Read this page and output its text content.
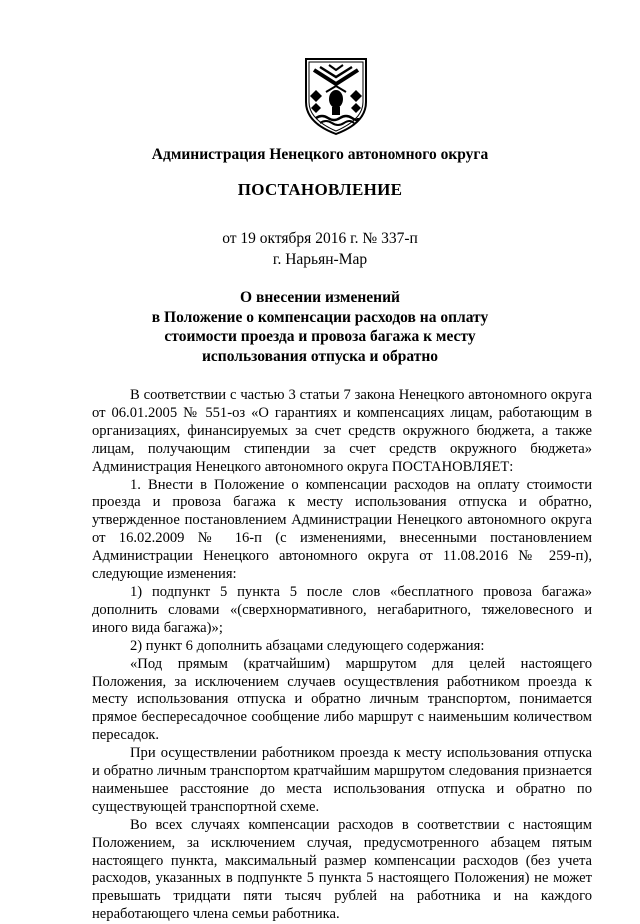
Администрация Ненецкого автономного округа
ПОСТАНОВЛЕНИЕ
от 19 октября 2016 г. № 337-п
г. Нарьян-Мар
О внесении изменений
в Положение о компенсации расходов на оплату
стоимости проезда и провоза багажа к месту
использования отпуска и обратно

В соответствии с частью 3 статьи 7 закона Ненецкого автономного округа от 06.01.2005 № 551-оз «О гарантиях и компенсациях лицам, работающим в организациях, финансируемых за счет средств окружного бюджета, а также лицам, получающим стипендии за счет средств окружного бюджета» Администрация Ненецкого автономного округа ПОСТАНОВЛЯЕТ:

1. Внести в Положение о компенсации расходов на оплату стоимости проезда и провоза багажа к месту использования отпуска и обратно, утвержденное постановлением Администрации Ненецкого автономного округа от 16.02.2009 № 16-п (с изменениями, внесенными постановлением Администрации Ненецкого автономного округа от 11.08.2016 № 259-п), следующие изменения:

1) подпункт 5 пункта 5 после слов «бесплатного провоза багажа» дополнить словами «(сверхнормативного, негабаритного, тяжеловесного и иного вида багажа)»;

2) пункт 6 дополнить абзацами следующего содержания:

«Под прямым (кратчайшим) маршрутом для целей настоящего Положения, за исключением случаев осуществления работником проезда к месту использования отпуска и обратно личным транспортом, понимается прямое беспересадочное сообщение либо маршрут с наименьшим количеством пересадок.

При осуществлении работником проезда к месту использования отпуска и обратно личным транспортом кратчайшим маршрутом следования признается наименьшее расстояние до места использования отпуска и обратно по существующей транспортной схеме.

Во всех случаях компенсации расходов в соответствии с настоящим Положением, за исключением случая, предусмотренного абзацем пятым настоящего пункта, максимальный размер компенсации расходов (без учета расходов, указанных в подпункте 5 пункта 5 настоящего Положения) не может превышать тридцати пяти тысяч рублей на работника и на каждого неработающего члена семьи работника.
